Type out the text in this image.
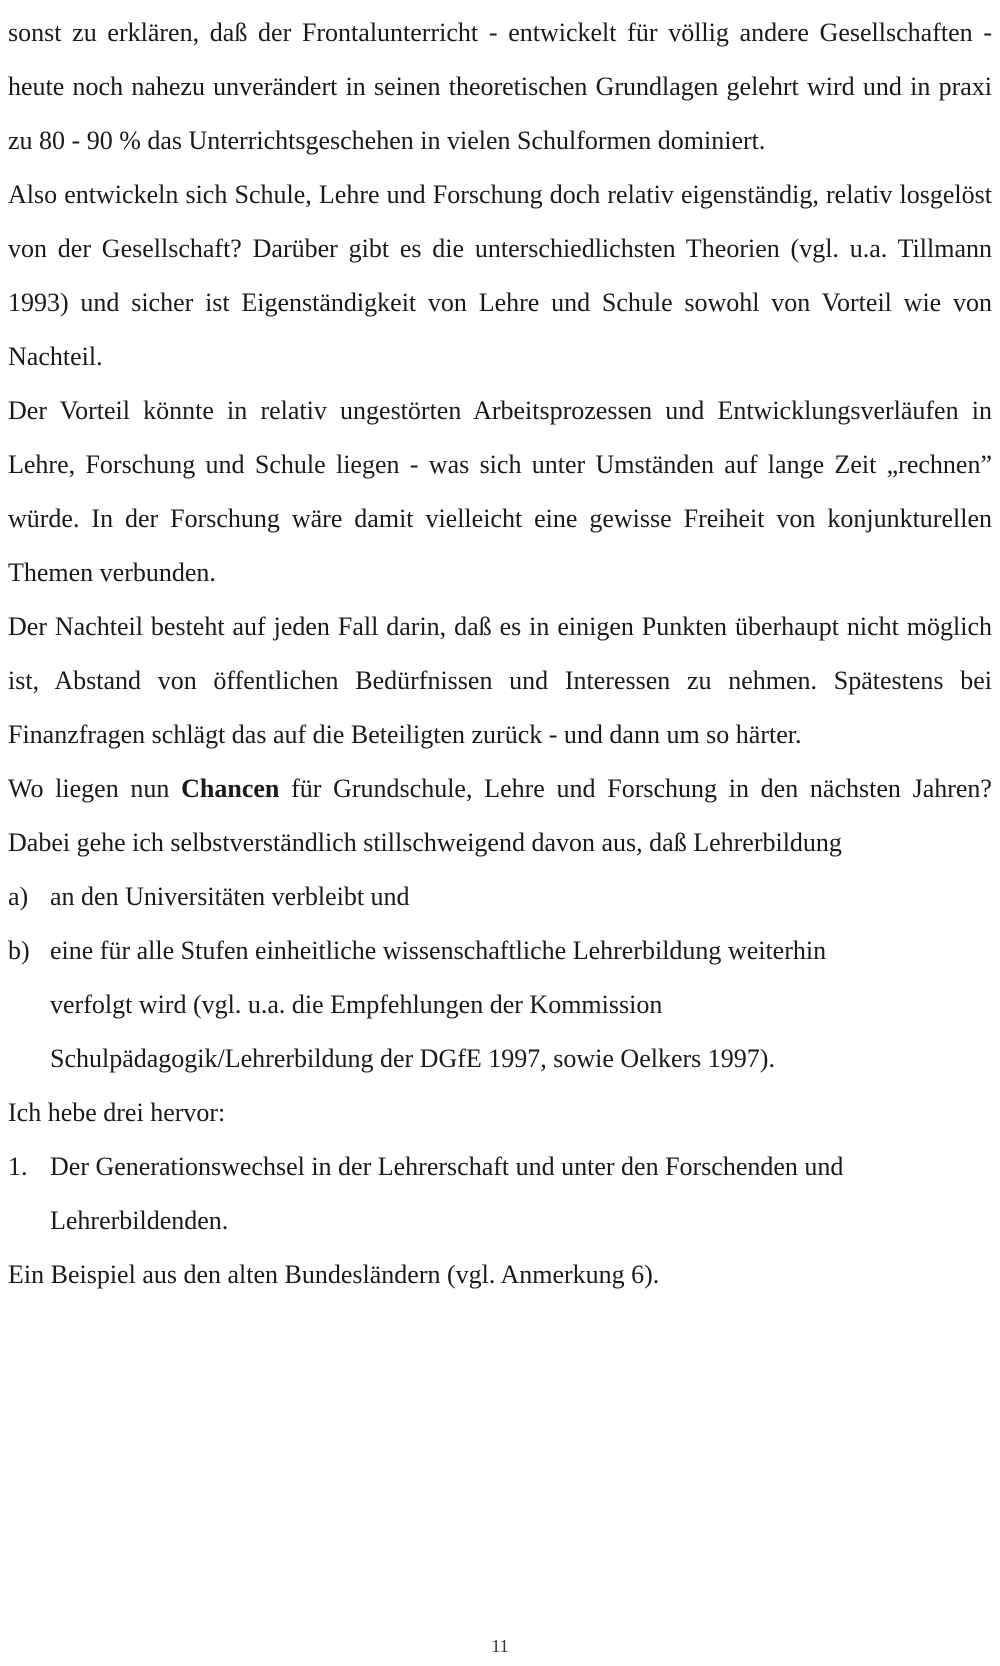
sonst zu erklären, daß der Frontalunterricht - entwickelt für völlig andere Gesellschaften - heute noch nahezu unverändert in seinen theoretischen Grundlagen gelehrt wird und in praxi zu 80 - 90 % das Unterrichtsgeschehen in vielen Schulformen dominiert.

Also entwickeln sich Schule, Lehre und Forschung doch relativ eigenständig, relativ losgelöst von der Gesellschaft? Darüber gibt es die unterschiedlichsten Theorien (vgl. u.a. Tillmann 1993) und sicher ist Eigenständigkeit von Lehre und Schule sowohl von Vorteil wie von Nachteil.

Der Vorteil könnte in relativ ungestörten Arbeitsprozessen und Entwicklungsverläufen in Lehre, Forschung und Schule liegen - was sich unter Umständen auf lange Zeit „rechnen” würde. In der Forschung wäre damit vielleicht eine gewisse Freiheit von konjunkturellen Themen verbunden.

Der Nachteil besteht auf jeden Fall darin, daß es in einigen Punkten überhaupt nicht möglich ist, Abstand von öffentlichen Bedürfnissen und Interessen zu nehmen. Spätestens bei Finanzfragen schlägt das auf die Beteiligten zurück - und dann um so härter.

Wo liegen nun Chancen für Grundschule, Lehre und Forschung in den nächsten Jahren? Dabei gehe ich selbstverständlich stillschweigend davon aus, daß Lehrerbildung

a) an den Universitäten verbleibt und
b) eine für alle Stufen einheitliche wissenschaftliche Lehrerbildung weiterhin verfolgt wird (vgl. u.a. die Empfehlungen der Kommission Schulpädagogik/Lehrerbildung der DGfE 1997, sowie Oelkers 1997).

Ich hebe drei hervor:

1. Der Generationswechsel in der Lehrerschaft und unter den Forschenden und Lehrerbildenden.

Ein Beispiel aus den alten Bundesländern (vgl. Anmerkung 6).

11
